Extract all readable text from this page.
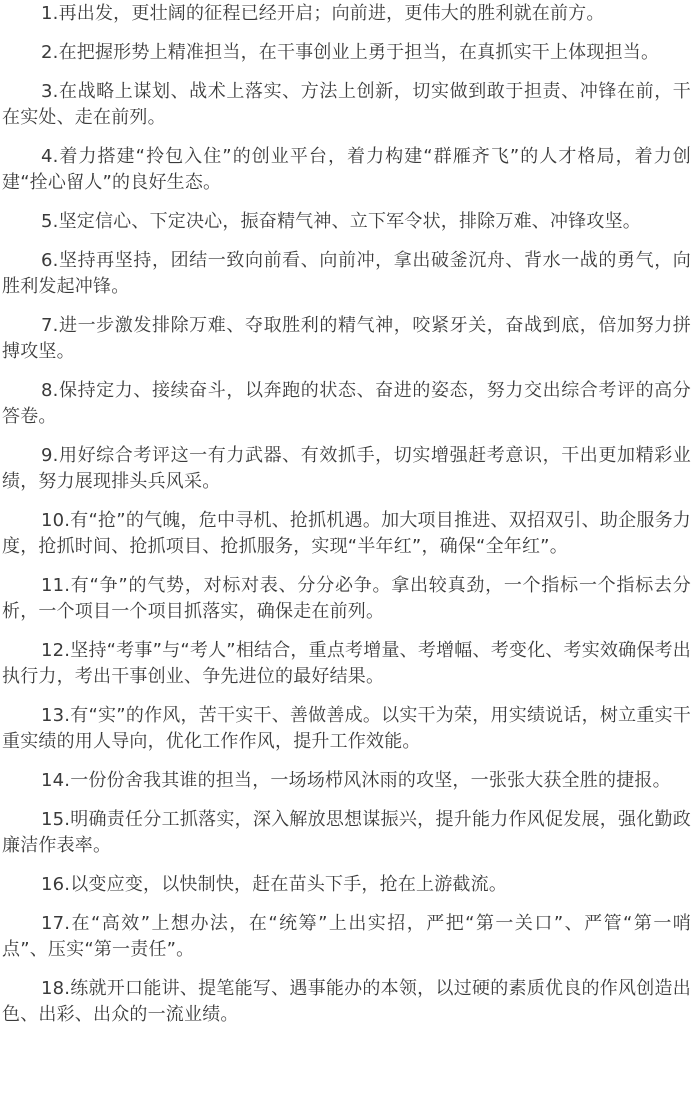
1.再出发，更壮阔的征程已经开启；向前进，更伟大的胜利就在前方。

2.在把握形势上精准担当，在干事创业上勇于担当，在真抓实干上体现担当。

3.在战略上谋划、战术上落实、方法上创新，切实做到敢于担责、冲锋在前，干在实处、走在前列。

4.着力搭建“拎包入住”的创业平台，着力构建“群雁齐飞”的人才格局，着力创建“拴心留人”的良好生态。

5.坚定信心、下定决心，振奋精气神、立下军令状，排除万难、冲锋攻坚。

6.坚持再坚持，团结一致向前看、向前冲，拿出破釜沉舟、背水一战的勇气，向胜利发起冲锋。

7.进一步激发排除万难、夺取胜利的精气神，咬紧牙关，奋战到底，倍加努力拼搏攻坚。

8.保持定力、接续奋斗，以奔跑的状态、奋进的姿态，努力交出综合考评的高分答卷。

9.用好综合考评这一有力武器、有效抓手，切实增强赶考意识，干出更加精彩业绩，努力展现排头兵风采。

10.有“抢”的气魄，危中寻机、抢抓机遇。加大项目推进、双招双引、助企服务力度，抢抓时间、抢抓项目、抢抓服务，实现“半年红”，确保“全年红”。

11.有“争”的气势，对标对表、分分必争。拿出较真劲，一个指标一个指标去分析，一个项目一个项目抓落实，确保走在前列。

12.坚持“考事”与“考人”相结合，重点考增量、考增幅、考变化、考实效确保考出执行力，考出干事创业、争先进位的最好结果。

13.有“实”的作风，苦干实干、善做善成。以实干为荣，用实绩说话，树立重实干重实绩的用人导向，优化工作作风，提升工作效能。

14.一份份舍我其谁的担当，一场场栉风沐雨的攻坚，一张张大获全胜的捷报。

15.明确责任分工抓落实，深入解放思想谋振兴，提升能力作风促发展，强化勤政廉洁作表率。

16.以变应变，以快制快，赶在苗头下手，抢在上游截流。

17.在“高效”上想办法，在“统筹”上出实招，严把“第一关口”、严管“第一哨点”、压实“第一责任”。

18.练就开口能讲、提笔能写、遇事能办的本领，以过硬的素质优良的作风创造出色、出彩、出众的一流业绩。
